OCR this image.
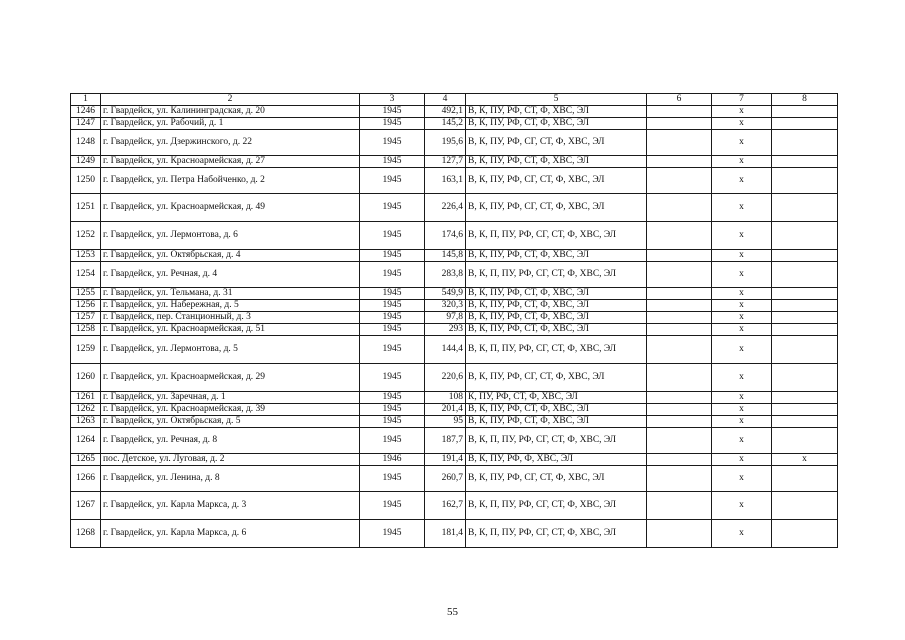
1	2	3	4	5	6	7	8
1246	г. Гвардейск, ул. Калининградская, д. 20	1945	492,1	В, К, ПУ, РФ, СТ, Ф, ХВС, ЭЛ		х	
1247	г. Гвардейск, ул. Рабочий, д. 1	1945	145,2	В, К, ПУ, РФ, СТ, Ф, ХВС, ЭЛ		х	
1248	г. Гвардейск, ул. Дзержинского, д. 22	1945	195,6	В, К, ПУ, РФ, СГ, СТ, Ф, ХВС, ЭЛ		х	
1249	г. Гвардейск, ул. Красноармейская, д. 27	1945	127,7	В, К, ПУ, РФ, СТ, Ф, ХВС, ЭЛ		х	
1250	г. Гвардейск, ул. Петра Набойченко, д. 2	1945	163,1	В, К, ПУ, РФ, СГ, СТ, Ф, ХВС, ЭЛ		х	
1251	г. Гвардейск, ул. Красноармейская, д. 49	1945	226,4	В, К, ПУ, РФ, СГ, СТ, Ф, ХВС, ЭЛ		х	
1252	г. Гвардейск, ул. Лермонтова, д. 6	1945	174,6	В, К, П, ПУ, РФ, СГ, СТ, Ф, ХВС, ЭЛ		х	
1253	г. Гвардейск, ул. Октябрьская, д. 4	1945	145,8	В, К, ПУ, РФ, СТ, Ф, ХВС, ЭЛ		х	
1254	г. Гвардейск, ул. Речная, д. 4	1945	283,8	В, К, П, ПУ, РФ, СГ, СТ, Ф, ХВС, ЭЛ		х	
1255	г. Гвардейск, ул. Тельмана, д. 31	1945	549,9	В, К, ПУ, РФ, СТ, Ф, ХВС, ЭЛ		х	
1256	г. Гвардейск, ул. Набережная, д. 5	1945	320,3	В, К, ПУ, РФ, СТ, Ф, ХВС, ЭЛ		х	
1257	г. Гвардейск, пер. Станционный, д. 3	1945	97,8	В, К, ПУ, РФ, СТ, Ф, ХВС, ЭЛ		х	
1258	г. Гвардейск, ул. Красноармейская, д. 51	1945	293	В, К, ПУ, РФ, СТ, Ф, ХВС, ЭЛ		х	
1259	г. Гвардейск, ул. Лермонтова, д. 5	1945	144,4	В, К, П, ПУ, РФ, СГ, СТ, Ф, ХВС, ЭЛ		х	
1260	г. Гвардейск, ул. Красноармейская, д. 29	1945	220,6	В, К, ПУ, РФ, СГ, СТ, Ф, ХВС, ЭЛ		х	
1261	г. Гвардейск, ул. Заречная, д. 1	1945	108	К, ПУ, РФ, СТ, Ф, ХВС, ЭЛ		х	
1262	г. Гвардейск, ул. Красноармейская, д. 39	1945	201,4	В, К, ПУ, РФ, СТ, Ф, ХВС, ЭЛ		х	
1263	г. Гвардейск, ул. Октябрьская, д. 5	1945	95	В, К, ПУ, РФ, СТ, Ф, ХВС, ЭЛ		х	
1264	г. Гвардейск, ул. Речная, д. 8	1945	187,7	В, К, П, ПУ, РФ, СГ, СТ, Ф, ХВС, ЭЛ		х	
1265	пос. Детское, ул. Луговая, д. 2	1946	191,4	В, К, ПУ, РФ, Ф, ХВС, ЭЛ		х	х
1266	г. Гвардейск, ул. Ленина, д. 8	1945	260,7	В, К, ПУ, РФ, СГ, СТ, Ф, ХВС, ЭЛ		х	
1267	г. Гвардейск, ул. Карла Маркса, д. 3	1945	162,7	В, К, П, ПУ, РФ, СГ, СТ, Ф, ХВС, ЭЛ		х	
1268	г. Гвардейск, ул. Карла Маркса, д. 6	1945	181,4	В, К, П, ПУ, РФ, СГ, СТ, Ф, ХВС, ЭЛ		х	
55
